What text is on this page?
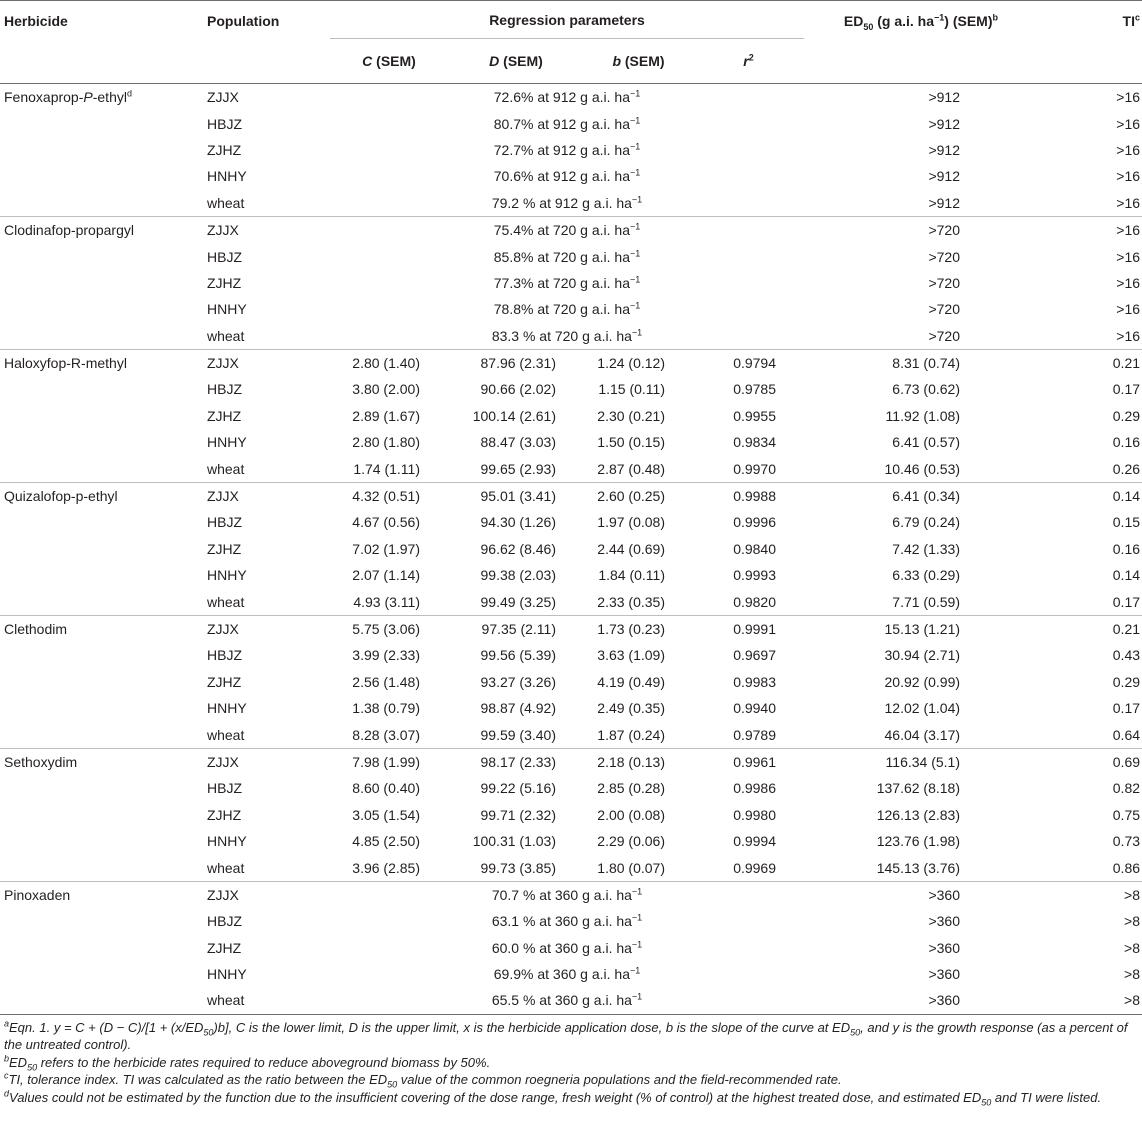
Herbicide	Population	Regression parameters				$ED_{50}$ (g a.i. $ha^{-1}$) (SEM)$^b$	$TI^c$
		C (SEM)	D (SEM)	b (SEM)	$r^2$
Fenoxaprop-P-ethyl$^d$	ZJJX	72.6% at 912 g a.i. $ha^{-1}$				>912	>16
	HBJZ	80.7% at 912 g a.i. $ha^{-1}$				>912	>16
	ZJHZ	72.7% at 912 g a.i. $ha^{-1}$				>912	>16
	HNHY	70.6% at 912 g a.i. $ha^{-1}$				>912	>16
	wheat	79.2 % at 912 g a.i. $ha^{-1}$				>912	>16
Clodinafop-propargyl	ZJJX	75.4% at 720 g a.i. $ha^{-1}$				>720	>16
	HBJZ	85.8% at 720 g a.i. $ha^{-1}$				>720	>16
	ZJHZ	77.3% at 720 g a.i. $ha^{-1}$				>720	>16
	HNHY	78.8% at 720 g a.i. $ha^{-1}$				>720	>16
	wheat	83.3 % at 720 g a.i. $ha^{-1}$				>720	>16
Haloxyfop-R-methyl	ZJJX	2.80 (1.40)	87.96 (2.31)	1.24 (0.12)	0.9794	8.31 (0.74)	0.21
	HBJZ	3.80 (2.00)	90.66 (2.02)	1.15 (0.11)	0.9785	6.73 (0.62)	0.17
	ZJHZ	2.89 (1.67)	100.14 (2.61)	2.30 (0.21)	0.9955	11.92 (1.08)	0.29
	HNHY	2.80 (1.80)	88.47 (3.03)	1.50 (0.15)	0.9834	6.41 (0.57)	0.16
	wheat	1.74 (1.11)	99.65 (2.93)	2.87 (0.48)	0.9970	10.46 (0.53)	0.26
Quizalofop-p-ethyl	ZJJX	4.32 (0.51)	95.01 (3.41)	2.60 (0.25)	0.9988	6.41 (0.34)	0.14
	HBJZ	4.67 (0.56)	94.30 (1.26)	1.97 (0.08)	0.9996	6.79 (0.24)	0.15
	ZJHZ	7.02 (1.97)	96.62 (8.46)	2.44 (0.69)	0.9840	7.42 (1.33)	0.16
	HNHY	2.07 (1.14)	99.38 (2.03)	1.84 (0.11)	0.9993	6.33 (0.29)	0.14
	wheat	4.93 (3.11)	99.49 (3.25)	2.33 (0.35)	0.9820	7.71 (0.59)	0.17
Clethodim	ZJJX	5.75 (3.06)	97.35 (2.11)	1.73 (0.23)	0.9991	15.13 (1.21)	0.21
	HBJZ	3.99 (2.33)	99.56 (5.39)	3.63 (1.09)	0.9697	30.94 (2.71)	0.43
	ZJHZ	2.56 (1.48)	93.27 (3.26)	4.19 (0.49)	0.9983	20.92 (0.99)	0.29
	HNHY	1.38 (0.79)	98.87 (4.92)	2.49 (0.35)	0.9940	12.02 (1.04)	0.17
	wheat	8.28 (3.07)	99.59 (3.40)	1.87 (0.24)	0.9789	46.04 (3.17)	0.64
Sethoxydim	ZJJX	7.98 (1.99)	98.17 (2.33)	2.18 (0.13)	0.9961	116.34 (5.1)	0.69
	HBJZ	8.60 (0.40)	99.22 (5.16)	2.85 (0.28)	0.9986	137.62 (8.18)	0.82
	ZJHZ	3.05 (1.54)	99.71 (2.32)	2.00 (0.08)	0.9980	126.13 (2.83)	0.75
	HNHY	4.85 (2.50)	100.31 (1.03)	2.29 (0.06)	0.9994	123.76 (1.98)	0.73
	wheat	3.96 (2.85)	99.73 (3.85)	1.80 (0.07)	0.9969	145.13 (3.76)	0.86
Pinoxaden	ZJJX	70.7 % at 360 g a.i. $ha^{-1}$				>360	>8
	HBJZ	63.1 % at 360 g a.i. $ha^{-1}$				>360	>8
	ZJHZ	60.0 % at 360 g a.i. $ha^{-1}$				>360	>8
	HNHY	69.9% at 360 g a.i. $ha^{-1}$				>360	>8
	wheat	65.5 % at 360 g a.i. $ha^{-1}$				>360	>8

$^a$Eqn. 1. $y = C + (D - C)/[1 + (x/ED_{50})b]$, C is the lower limit, D is the upper limit, x is the herbicide application dose, b is the slope of the curve at $ED_{50}$, and y is the growth response (as a percent of the untreated control).

$^bED_{50}$ refers to the herbicide rates required to reduce aboveground biomass by 50%.

$^c$TI, tolerance index. TI was calculated as the ratio between the $ED_{50}$ value of the common roegneria populations and the field-recommended rate.

$^d$Values could not be estimated by the function due to the insufficient covering of the dose range, fresh weight (% of control) at the highest treated dose, and estimated $ED_{50}$ and TI were listed.
